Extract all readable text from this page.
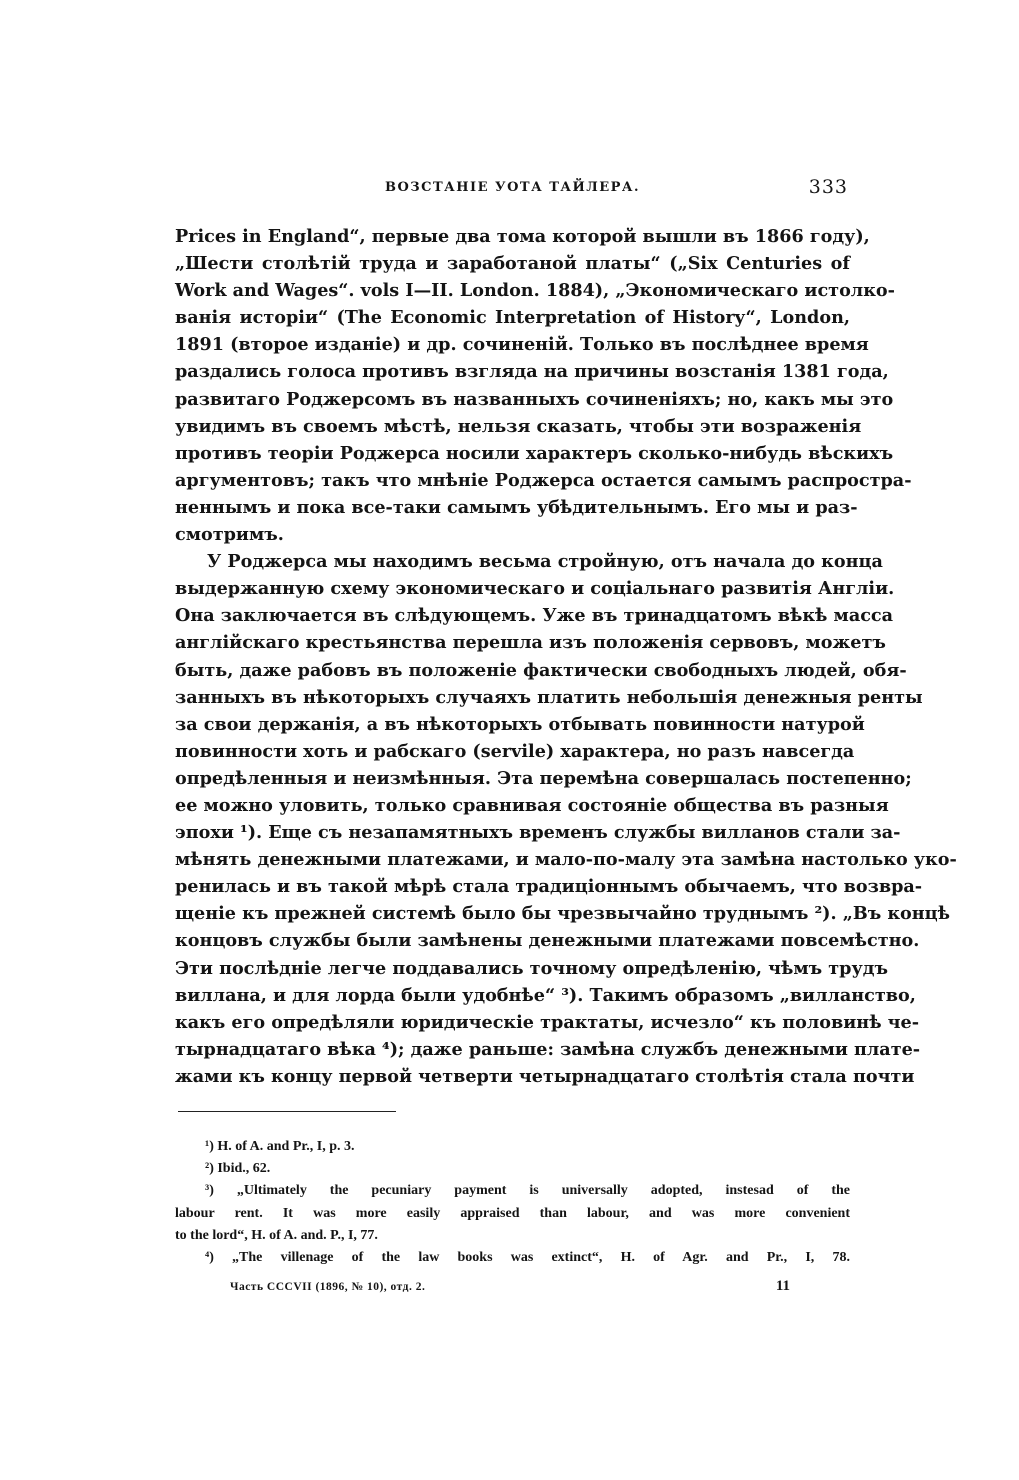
ВОЗСТАНІЕ УОТА ТАЙЛЕРА.	333
Prices in England“, первые два тома которой вышли въ 1866 году),
„Шести столѣтій труда и заработаной платы“ („Six Centuries of
Work and Wages“. vols I—II. London. 1884), „Экономическаго истолко-
ванія исторіи“ (The Economic Interpretation of History“, London,
1891 (второе изданіе) и др. сочиненій. Только въ послѣднее время
раздались голоса противъ взгляда на причины возстанія 1381 года,
развитаго Роджерсомъ въ названныхъ сочиненіяхъ; но, какъ мы это
увидимъ въ своемъ мѣстѣ, нельзя сказать, чтобы эти возраженія
противъ теоріи Роджерса носили характеръ сколько-нибудь вѣскихъ
аргументовъ; такъ что мнѣніе Роджерса остается самымъ распростра-
неннымъ и пока все-таки самымъ убѣдительнымъ. Его мы и раз-
смотримъ.
У Роджерса мы находимъ весьма стройную, отъ начала до конца
выдержанную схему экономическаго и соціальнаго развитія Англіи.
Она заключается въ слѣдующемъ. Уже въ тринадцатомъ вѣкѣ масса
англійскаго крестьянства перешла изъ положенія сервовъ, можетъ
быть, даже рабовъ въ положеніе фактически свободныхъ людей, обя-
занныхъ въ нѣкоторыхъ случаяхъ платить небольшія денежныя ренты
за свои держанія, а въ нѣкоторыхъ отбывать повинности натурой
повинности хоть и рабскаго (servile) характера, но разъ навсегда
опредѣленныя и неизмѣнныя. Эта перемѣна совершалась постепенно;
ее можно уловить, только сравнивая состояніе общества въ разныя
эпохи ¹). Еще съ незапамятныхъ временъ службы вилланов стали за-
мѣнять денежными платежами, и мало-по-малу эта замѣна настолько уко-
ренилась и въ такой мѣрѣ стала традиціоннымъ обычаемъ, что возвра-
щеніе къ прежней системѣ было бы чрезвычайно труднымъ ²). „Въ концѣ
концовъ службы были замѣнены денежными платежами повсемѣстно.
Эти послѣдніе легче поддавались точному опредѣленію, чѣмъ трудъ
виллана, и для лорда были удобнѣе“ ³). Такимъ образомъ „вилланство,
какъ его опредѣляли юридическіе трактаты, исчезло“ къ половинѣ че-
тырнадцатаго вѣка ⁴); даже раньше: замѣна службъ денежными плате-
жами къ концу первой четверти четырнадцатаго столѣтія стала почти
¹) H. of A. and Pr., I, p. 3.
²) Ibid., 62.
³) „Ultimately the pecuniary payment is universally adopted, instesad of the
labour rent. It was more easily appraised than labour, and was more convenient
to the lord“, H. of A. and. P., I, 77.
⁴) „The villenage of the law books was extinct“, H. of Agr. and Pr., I, 78.
Часть CCCVII (1896, № 10), отд. 2.	11
